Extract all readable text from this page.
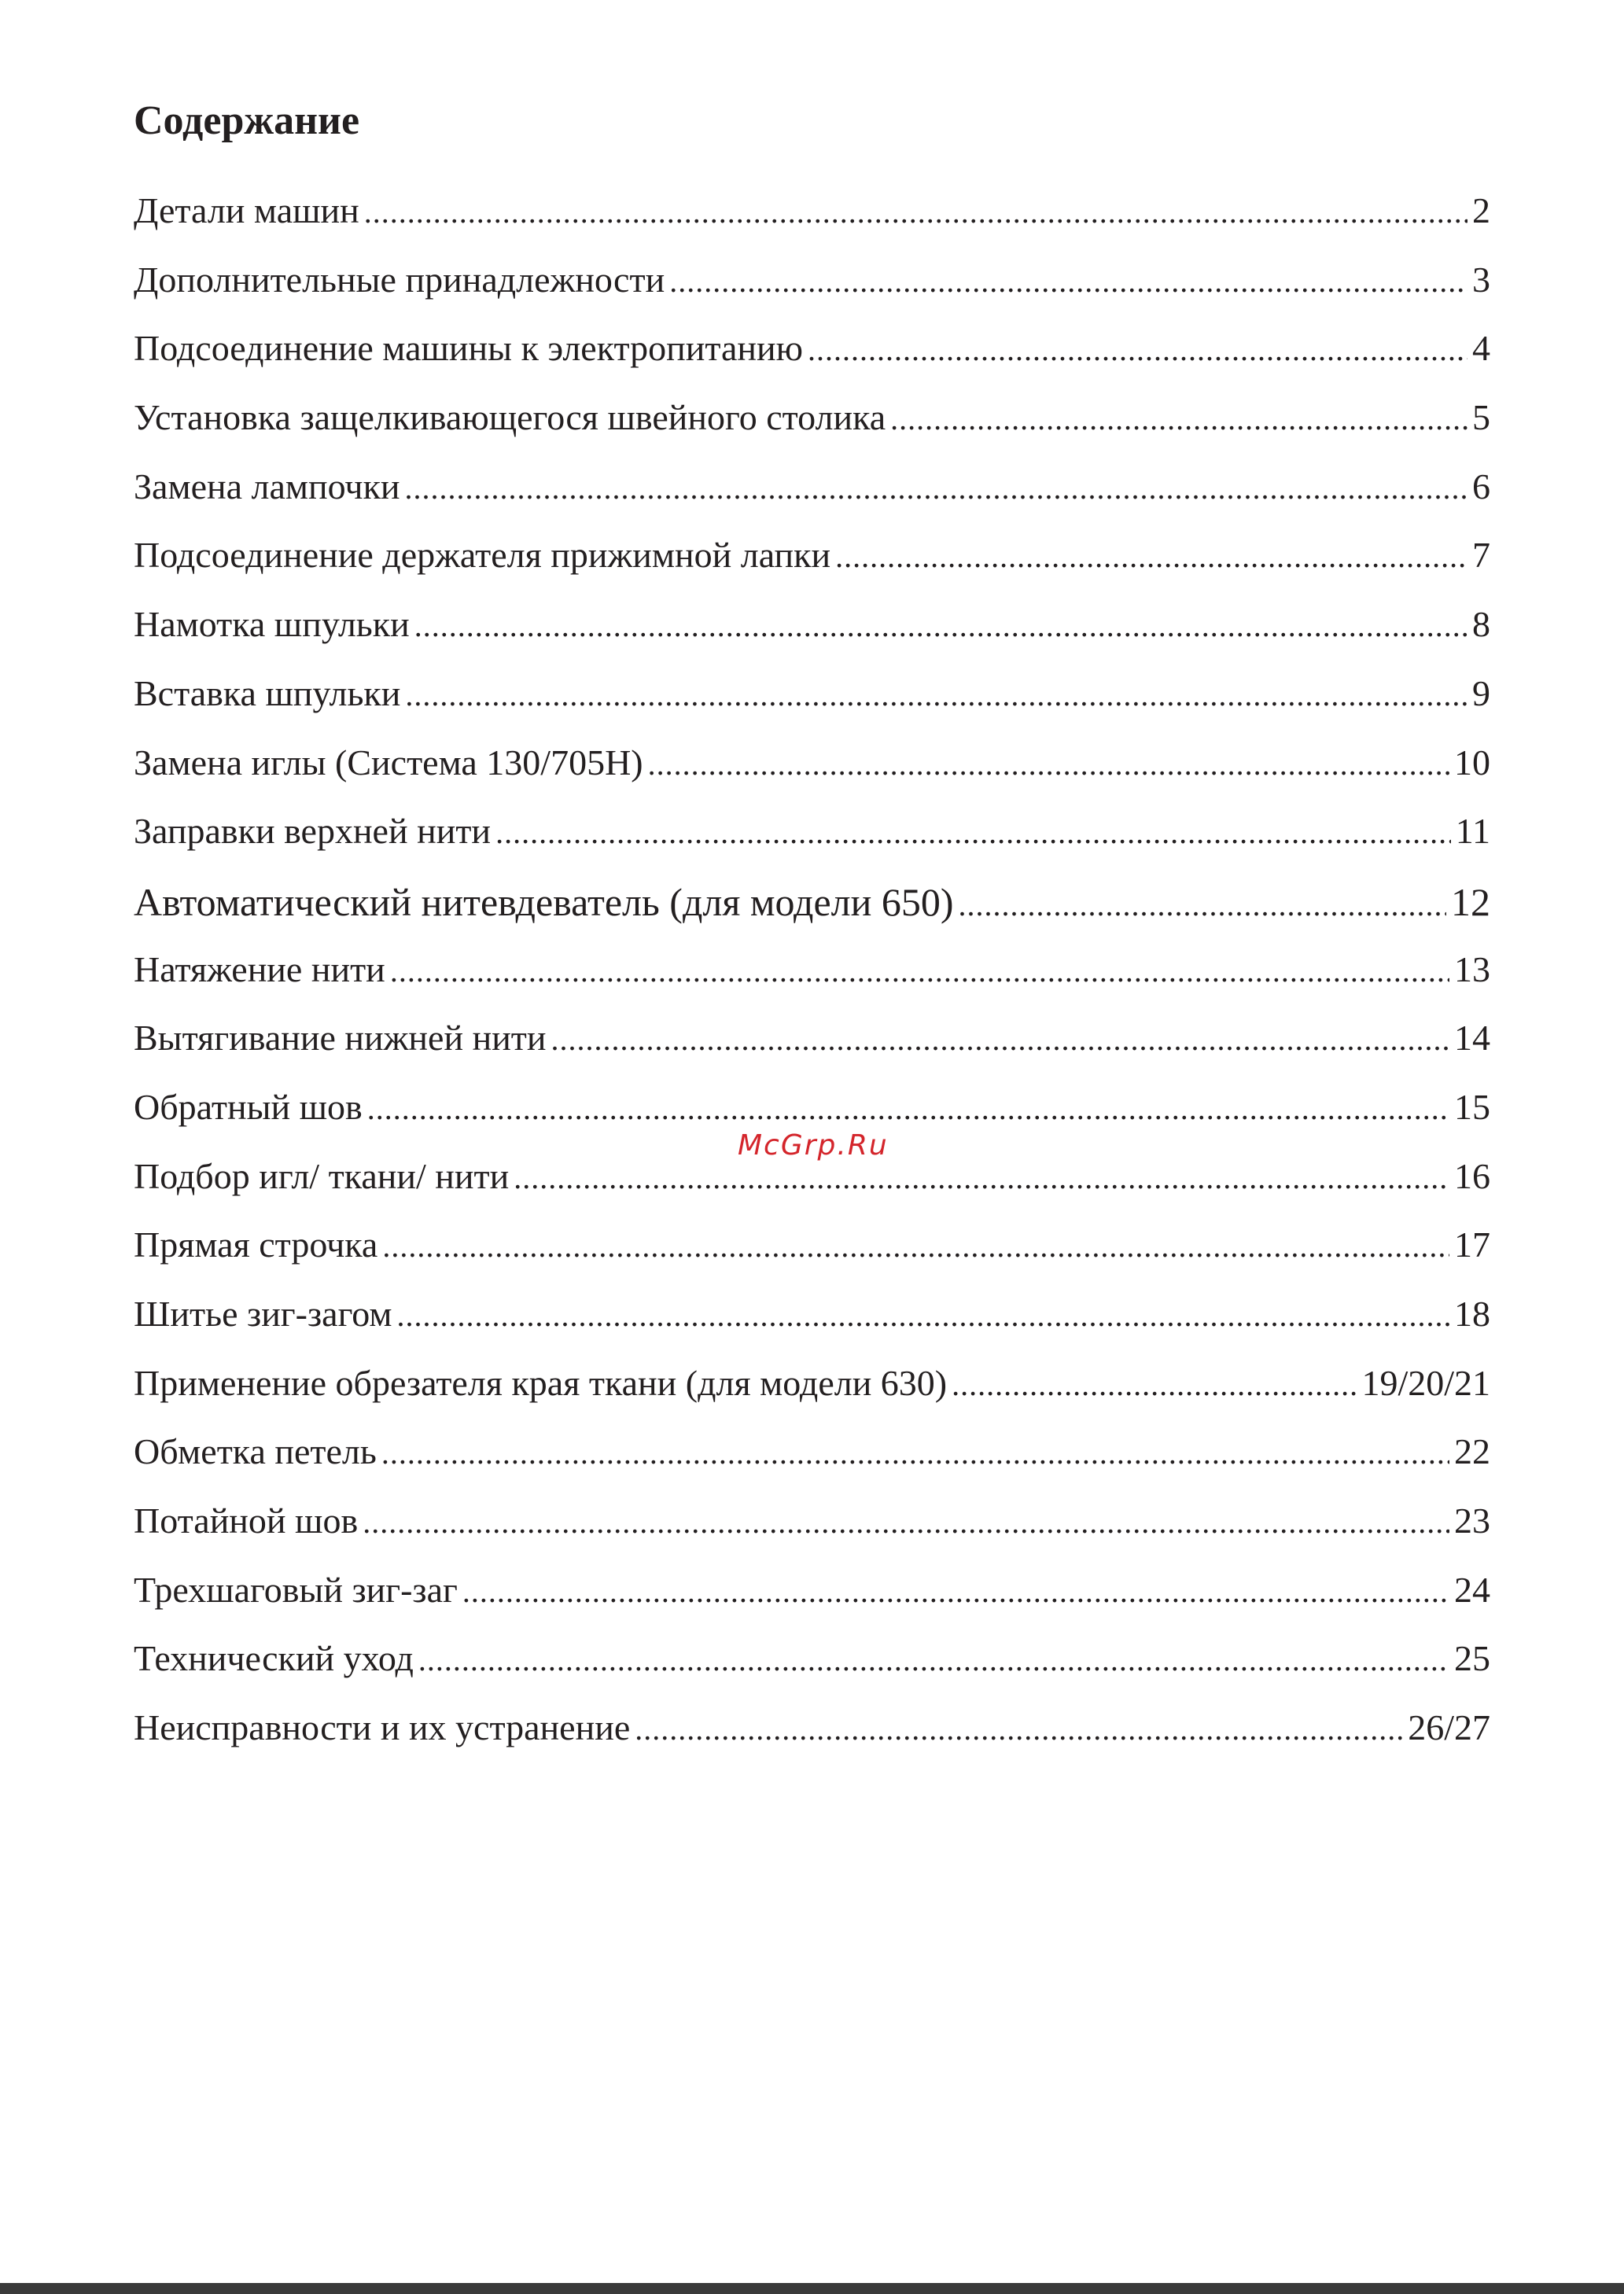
Содержание
Детали машин .....	2
Дополнительные принадлежности .....	3
Подсоединение машины к электропитанию .....	4
Установка защелкивающегося швейного столика .....	5
Замена лампочки .....	6
Подсоединение держателя прижимной лапки .....	7
Намотка шпульки .....	8
Вставка шпульки .....	9
Замена иглы (Система 130/705H) .....	10
Заправки верхней нити .....	11
Автоматический нитевдеватель (для модели 650) .....	12
Натяжение нити .....	13
Вытягивание нижней нити .....	14
Обратный шов .....	15
Подбор игл/ ткани/ нити .....	16
Прямая строчка .....	17
Шитье зиг-загом .....	18
Применение обрезателя края ткани (для модели 630) .....	19/20/21
Обметка петель .....	22
Потайной шов .....	23
Трехшаговый зиг-заг .....	24
Технический уход .....	25
Неисправности и их устранение .....	26/27
McGrp.Ru
